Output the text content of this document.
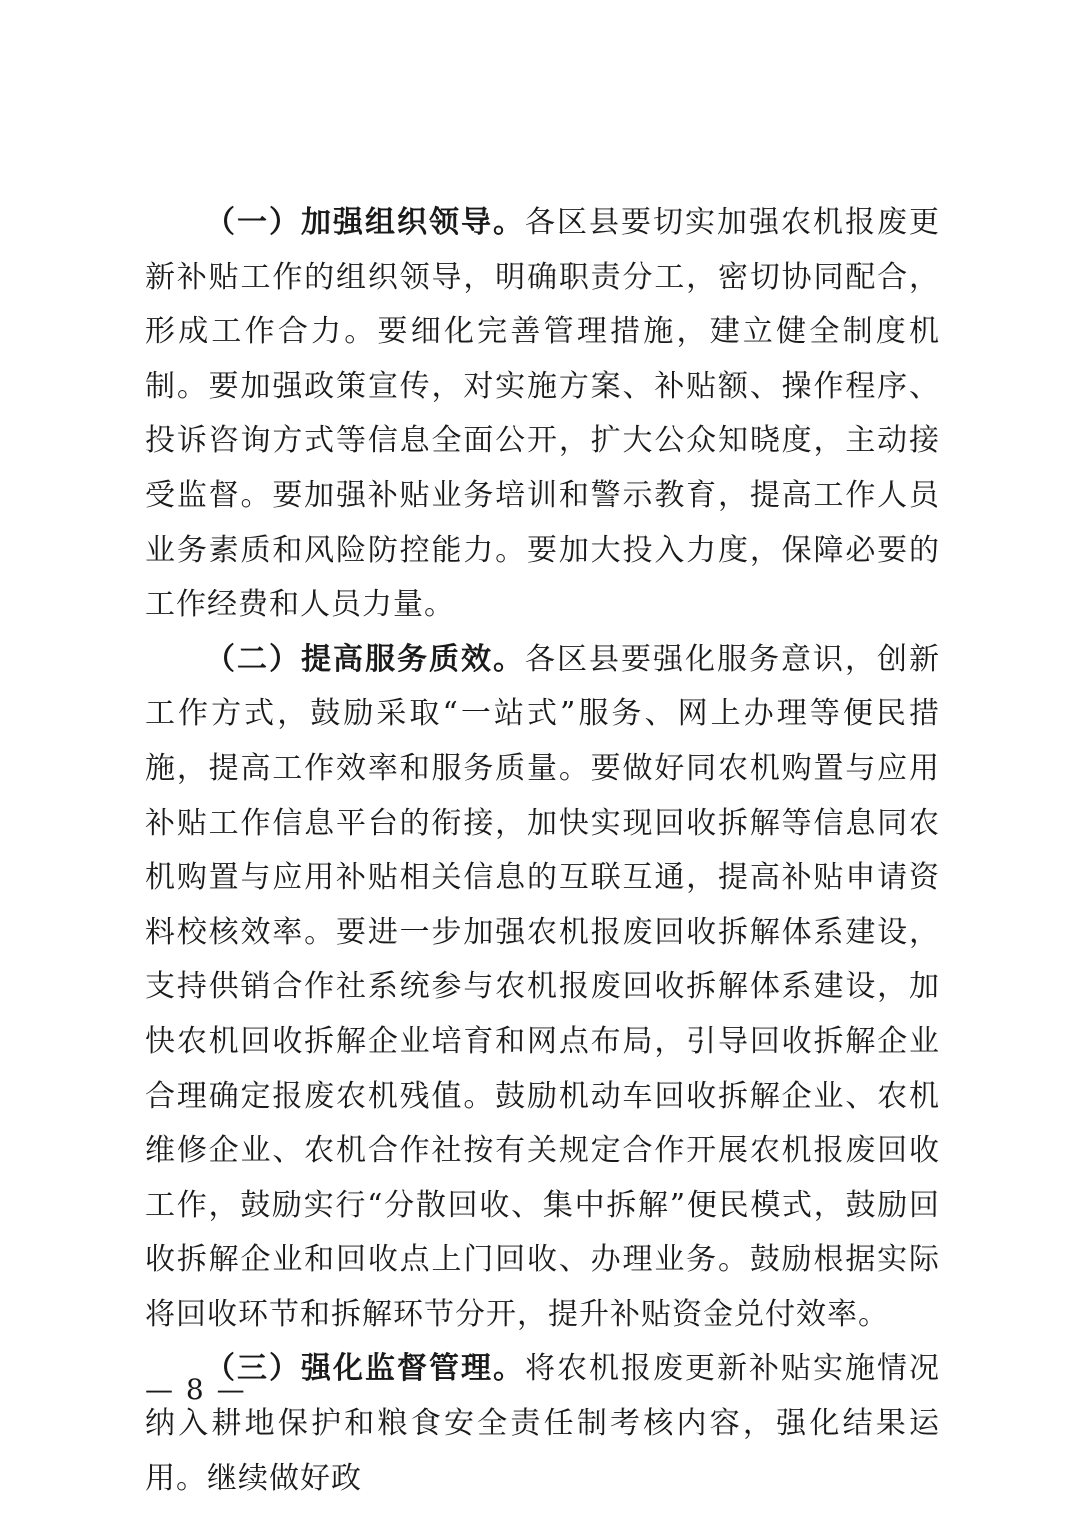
（一）加强组织领导。各区县要切实加强农机报废更新补贴工作的组织领导，明确职责分工，密切协同配合，形成工作合力。要细化完善管理措施，建立健全制度机制。要加强政策宣传，对实施方案、补贴额、操作程序、投诉咨询方式等信息全面公开，扩大公众知晓度，主动接受监督。要加强补贴业务培训和警示教育，提高工作人员业务素质和风险防控能力。要加大投入力度，保障必要的工作经费和人员力量。

（二）提高服务质效。各区县要强化服务意识，创新工作方式，鼓励采取“一站式”服务、网上办理等便民措施，提高工作效率和服务质量。要做好同农机购置与应用补贴工作信息平台的衔接，加快实现回收拆解等信息同农机购置与应用补贴相关信息的互联互通，提高补贴申请资料校核效率。要进一步加强农机报废回收拆解体系建设，支持供销合作社系统参与农机报废回收拆解体系建设，加快农机回收拆解企业培育和网点布局，引导回收拆解企业合理确定报废农机残值。鼓励机动车回收拆解企业、农机维修企业、农机合作社按有关规定合作开展农机报废回收工作，鼓励实行“分散回收、集中拆解”便民模式，鼓励回收拆解企业和回收点上门回收、办理业务。鼓励根据实际将回收环节和拆解环节分开，提升补贴资金兑付效率。

（三）强化监督管理。将农机报废更新补贴实施情况纳入耕地保护和粮食安全责任制考核内容，强化结果运用。继续做好政

— 8 —
